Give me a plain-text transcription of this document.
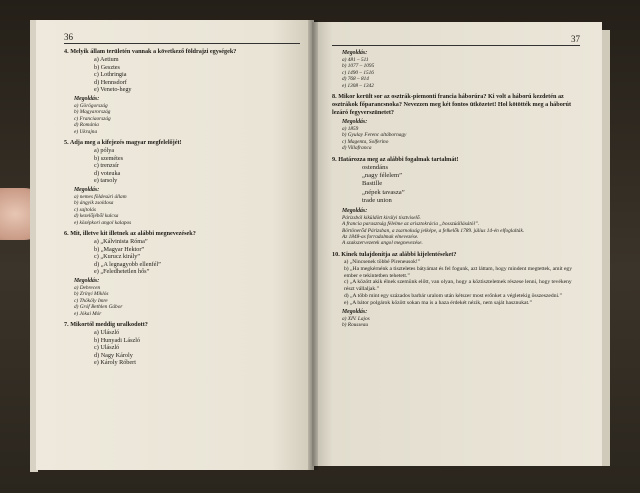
36
4. Melyik állam területén vannak a következő földrajzi egységek?
a) Aetium
b) Gesztes
c) Lothringia
d) Hennsdorf
e) Veneto-hegy
Megoldás:
a) Görögország
b) Magyarország
c) Franciaország
d) Románia
e) Ukrajna
5. Adja meg a kifejezés magyar megfelelőjét!
a) pólya
b) szemétes
c) trenzsír
d) voteuka
e) tarsoly
Megoldás:
a) nemes földesúri állam
b) ángyik zsoldosa
c) sajtolás
d) kezelőjéből kulcsa
e) középkori angol kalapos
6. Mit, illetve kit illetnek az alábbi megnevezések?
a) „Kálvinista Róma”
b) „Magyar Hektor”
c) „Kurucz király”
d) „A legnagyobb ellenfél”
e) „Feledhetetlen hős”
Megoldás:
a) Debrecen
b) Zrínyi Miklós
c) Thököly Imre
d) Gróf Bethlen Gábor
e) Jókai Mór
7. Mikortól meddig uralkodott?
a) Ulászló
b) Hunyadi László
c) Ulászló
d) Nagy Károly
e) Károly Róbert
37
Megoldás:
a) 481 – 511
b) 1077 – 1095
c) 1490 – 1516
d) 768 – 814
e) 1308 – 1342
8. Mikor került sor az osztrák-piemonti francia háborúra? Ki volt a háború kezdetén az osztrákok főparancsnoka? Nevezzen meg két fontos ütközetet! Hol kötötték meg a háborút lezáró fegyverszünetet?
Megoldás:
a) 1859
b) Gyulay Ferenc altábornagy
c) Magenta, Solferino
d) Villafranca
9. Határozza meg az alábbi fogalmak tartalmát!
ostendáns
„nagy félelem”
Bastille
„népek tavasza”
trade union
Megoldás:
Párizsból kiküldött királyi tisztviselő.
A francia parasztság félelme az arisztokrácia „bosszúállásától”.
Börtönerőd Párizsban, a zsarnokság jelképe, a felkelők 1789. július 14-én elfoglalták.
Az 1848-as forradalmak elnevezése.
A szakszervezetek angol megnevezése.
10. Kinek tulajdonítja az alábbi kijelentéseket?
a) „Nincsenek többé Pireneusok!”
b) „Ha megkérnénk a tiszteletes bátyámat és fel fogunk, azt láttam, hogy mindent megtettek, amit egy ember e tekintetben tehetett.”
c) „A között akik élnek szemünk előtt, van olyan, hogy a köztiszteletnek részese lenni, hogy tevékeny részt vállaljak.”
d) „A több mint egy százados barbár uralom után kétszer most erőnket a végletekig összeszedni.”
e) „A bátor polgárok között sokan ma is a haza érdekét nézik, nem saját hasznukat.”
Megoldás:
a) XIV. Lajos
b) Rousseau
